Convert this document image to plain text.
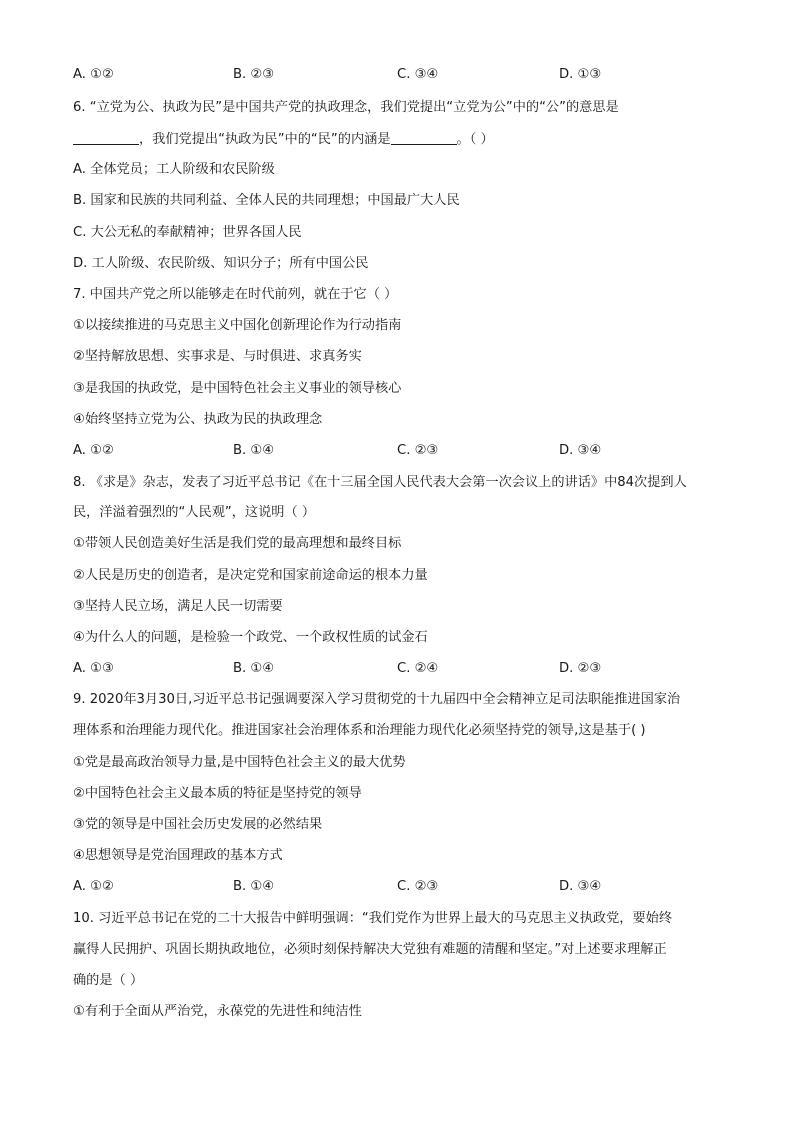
A. ①②	B. ②③	C. ③④	D. ①③
6. “立党为公、执政为民”是中国共产党的执政理念，我们党提出“立党为公”中的“公”的意思是
，我们党提出“执政为民”中的“民”的内涵是	。（ ）
A. 全体党员；工人阶级和农民阶级
B. 国家和民族的共同利益、全体人民的共同理想；中国最广大人民
C. 大公无私的奉献精神；世界各国人民
D. 工人阶级、农民阶级、知识分子；所有中国公民
7. 中国共产党之所以能够走在时代前列，就在于它（ ）
①以接续推进的马克思主义中国化创新理论作为行动指南
②坚持解放思想、实事求是、与时俱进、求真务实
③是我国的执政党，是中国特色社会主义事业的领导核心
④始终坚持立党为公、执政为民的执政理念
A. ①②	B. ①④	C. ②③	D. ③④
8. 《求是》杂志，发表了习近平总书记《在十三届全国人民代表大会第一次会议上的讲话》中84次提到人
民，洋溢着强烈的“人民观”，这说明（ ）
①带领人民创造美好生活是我们党的最高理想和最终目标
②人民是历史的创造者，是决定党和国家前途命运的根本力量
③坚持人民立场，满足人民一切需要
④为什么人的问题，是检验一个政党、一个政权性质的试金石
A. ①③	B. ①④	C. ②④	D. ②③
9. 2020年3月30日,习近平总书记强调要深入学习贯彻党的十九届四中全会精神立足司法职能推进国家治
理体系和治理能力现代化。推进国家社会治理体系和治理能力现代化必须坚持党的领导,这是基于( )
①党是最高政治领导力量,是中国特色社会主义的最大优势
②中国特色社会主义最本质的特征是坚持党的领导
③党的领导是中国社会历史发展的必然结果
④思想领导是党治国理政的基本方式
A. ①②	B. ①④	C. ②③	D. ③④
10. 习近平总书记在党的二十大报告中鲜明强调：“我们党作为世界上最大的马克思主义执政党，要始终
赢得人民拥护、巩固长期执政地位，必须时刻保持解决大党独有难题的清醒和坚定。”对上述要求理解正
确的是（ ）
①有利于全面从严治党，永葆党的先进性和纯洁性
